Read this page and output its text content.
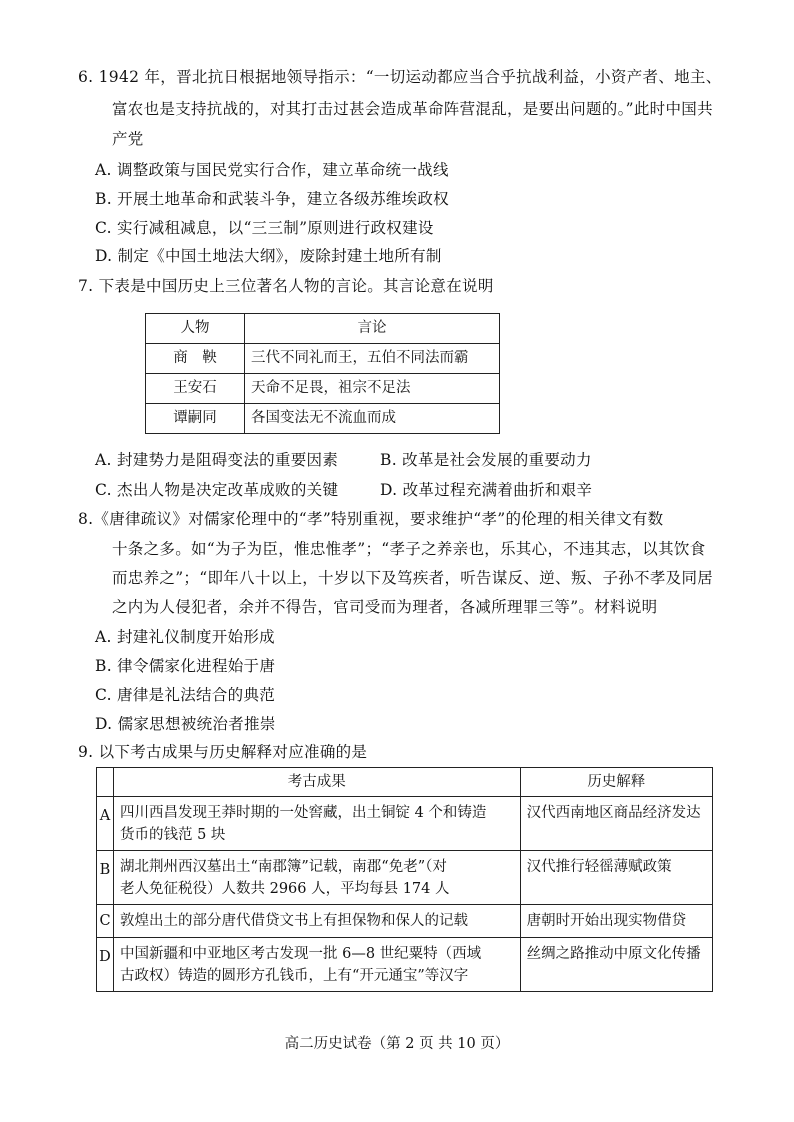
6. 1942 年，晋北抗日根据地领导指示：“一切运动都应当合乎抗战利益，小资产者、地主、
富农也是支持抗战的，对其打击过甚会造成革命阵营混乱，是要出问题的。”此时中国共
产党
A. 调整政策与国民党实行合作，建立革命统一战线
B. 开展土地革命和武装斗争，建立各级苏维埃政权
C. 实行减租减息，以“三三制”原则进行政权建设
D. 制定《中国土地法大纲》，废除封建土地所有制
7. 下表是中国历史上三位著名人物的言论。其言论意在说明
人物	言论
商　鞅	三代不同礼而王，五伯不同法而霸
王安石	天命不足畏，祖宗不足法
谭嗣同	各国变法无不流血而成
A. 封建势力是阻碍变法的重要因素	B. 改革是社会发展的重要动力
C. 杰出人物是决定改革成败的关键	D. 改革过程充满着曲折和艰辛
8.《唐律疏议》对儒家伦理中的“孝”特别重视，要求维护“孝”的伦理的相关律文有数
十条之多。如“为子为臣，惟忠惟孝”；“孝子之养亲也，乐其心，不违其志，以其饮食
而忠养之”；“即年八十以上，十岁以下及笃疾者，听告谋反、逆、叛、子孙不孝及同居
之内为人侵犯者，余并不得告，官司受而为理者，各减所理罪三等”。材料说明
A. 封建礼仪制度开始形成
B. 律令儒家化进程始于唐
C. 唐律是礼法结合的典范
D. 儒家思想被统治者推崇
9. 以下考古成果与历史解释对应准确的是
	考古成果	历史解释
A	四川西昌发现王莽时期的一处窖藏，出土铜锭 4 个和铸造
货币的钱范 5 块	汉代西南地区商品经济发达
B	湖北荆州西汉墓出土“南郡簿”记载，南郡“免老”（对
老人免征税役）人数共 2966 人，平均每县 174 人	汉代推行轻徭薄赋政策
C	敦煌出土的部分唐代借贷文书上有担保物和保人的记载	唐朝时开始出现实物借贷
D	中国新疆和中亚地区考古发现一批 6—8 世纪粟特（西域
古政权）铸造的圆形方孔钱币，上有“开元通宝”等汉字	丝绸之路推动中原文化传播
高二历史试卷（第 2 页 共 10 页）
